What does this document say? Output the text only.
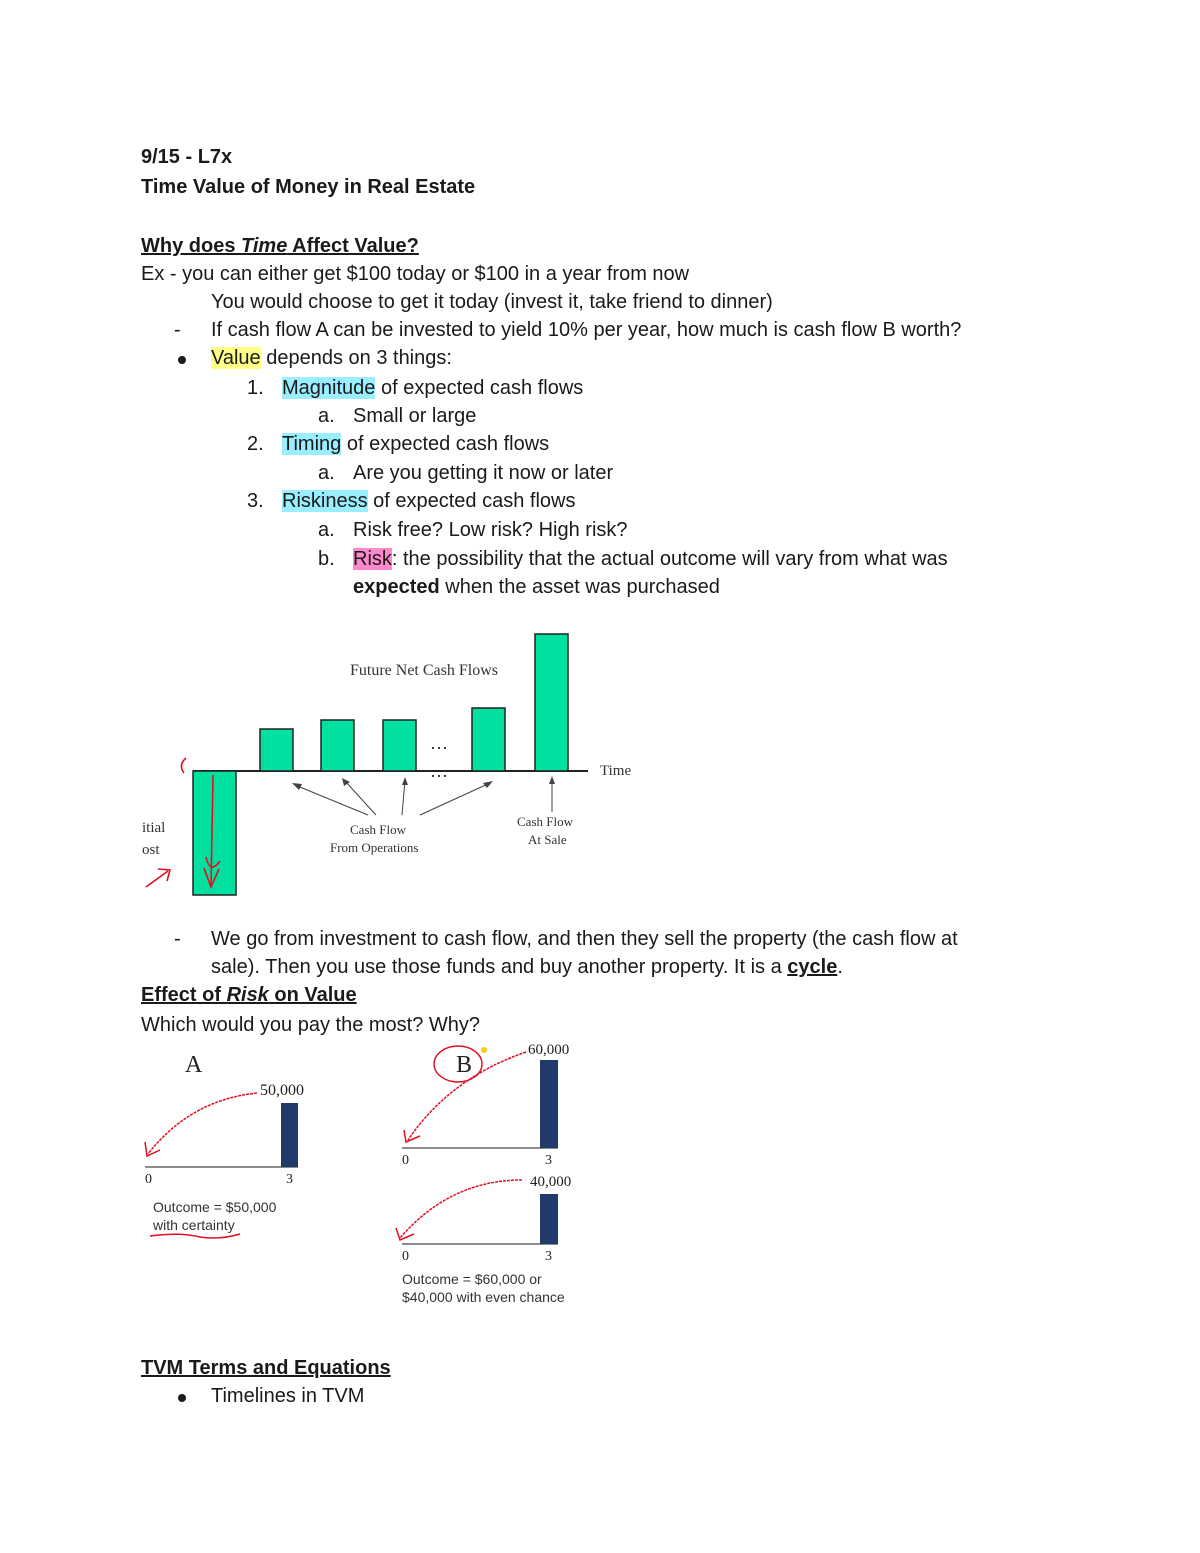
9/15 - L7x
Time Value of Money in Real Estate
Why does Time Affect Value?
Ex - you can either get $100 today or $100 in a year from now
You would choose to get it today (invest it, take friend to dinner)
- If cash flow A can be invested to yield 10% per year, how much is cash flow B worth?
Value depends on 3 things:
1. Magnitude of expected cash flows
a. Small or large
2. Timing of expected cash flows
a. Are you getting it now or later
3. Riskiness of expected cash flows
a. Risk free? Low risk? High risk?
b. Risk: the possibility that the actual outcome will vary from what was
expected when the asset was purchased
Future Net Cash Flows
Time
…
…
Cash Flow
From Operations
Cash Flow
At Sale
itial
ost
- We go from investment to cash flow, and then they sell the property (the cash flow at
sale). Then you use those funds and buy another property. It is a cycle.
Effect of Risk on Value
Which would you pay the most? Why?
A
50,000
0	3
Outcome = $50,000
with certainty
B
60,000
0	3
40,000
0	3
Outcome = $60,000 or
$40,000 with even chance
TVM Terms and Equations
Timelines in TVM
